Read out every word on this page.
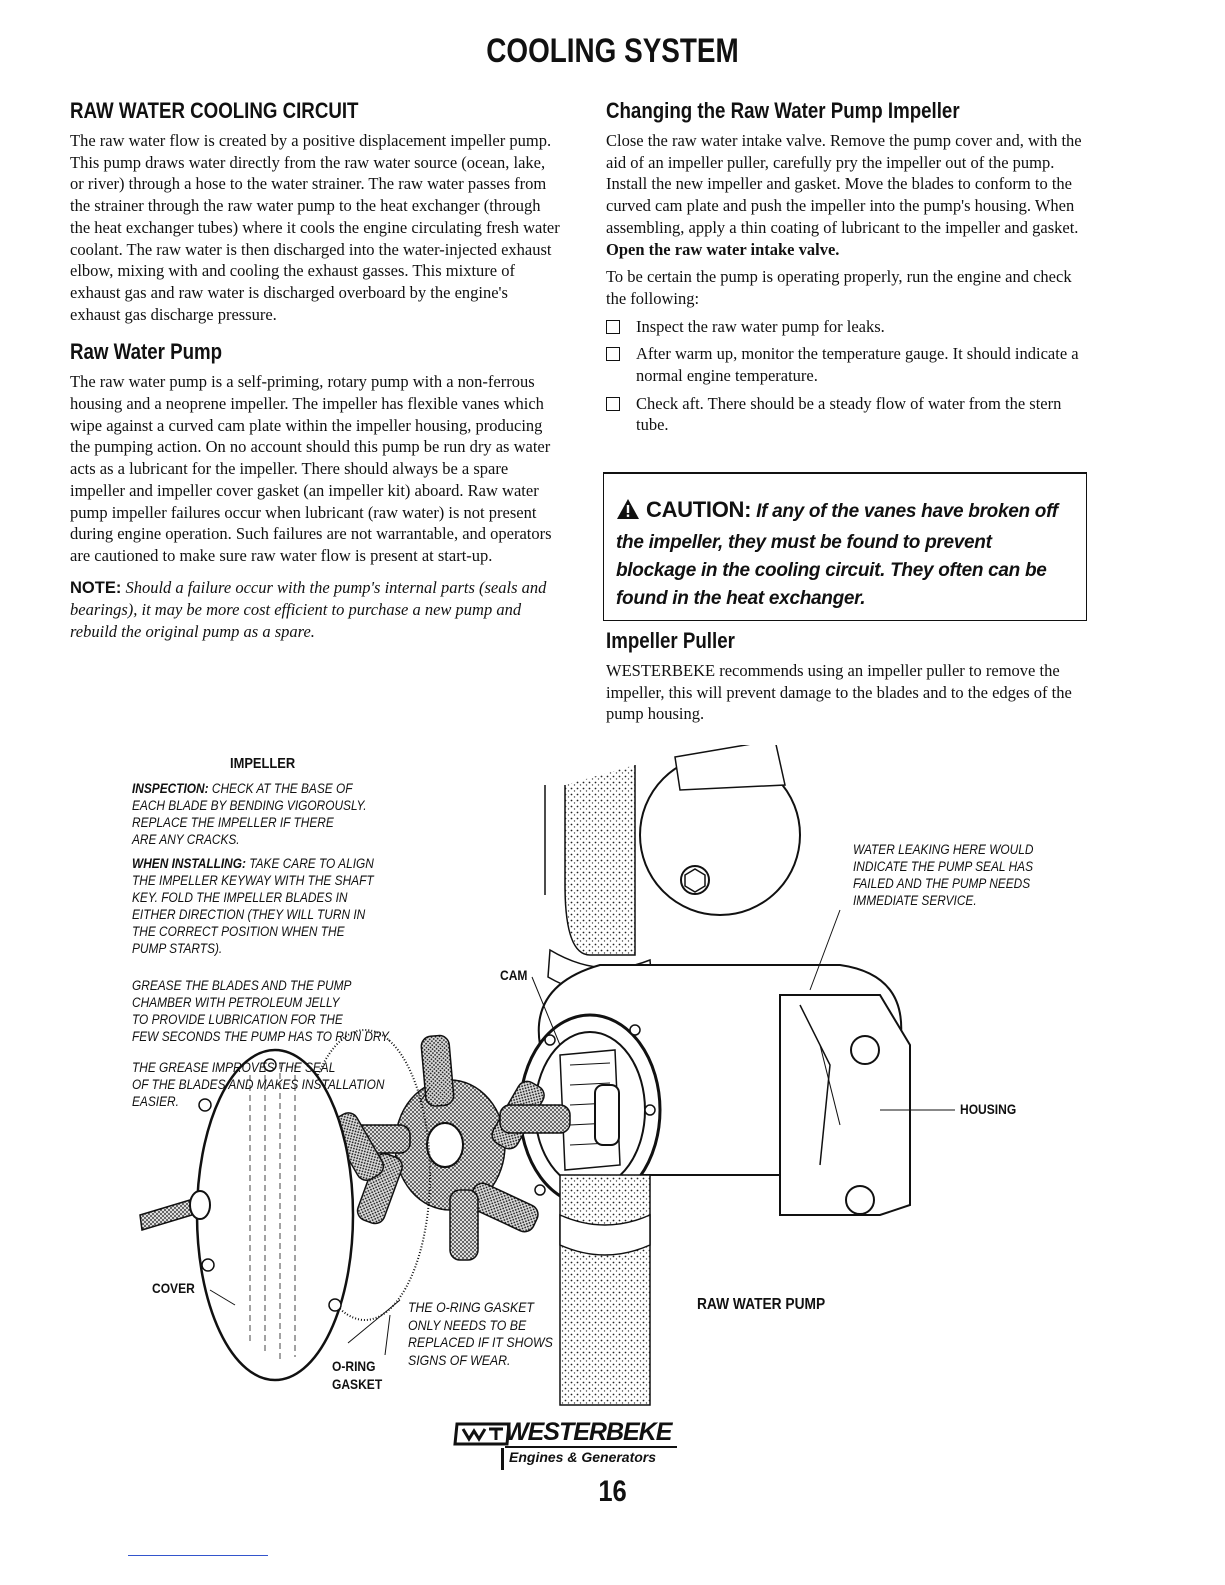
COOLING SYSTEM
RAW WATER COOLING CIRCUIT

The raw water flow is created by a positive displacement impeller pump. This pump draws water directly from the raw water source (ocean, lake, or river) through a hose to the water strainer. The raw water passes from the strainer through the raw water pump to the heat exchanger (through the heat exchanger tubes) where it cools the engine circulating fresh water coolant. The raw water is then discharged into the water-injected exhaust elbow, mixing with and cooling the exhaust gasses. This mixture of exhaust gas and raw water is discharged overboard by the engine's exhaust gas discharge pressure.

Raw Water Pump

The raw water pump is a self-priming, rotary pump with a non-ferrous housing and a neoprene impeller. The impeller has flexible vanes which wipe against a curved cam plate within the impeller housing, producing the pumping action. On no account should this pump be run dry as water acts as a lubricant for the impeller. There should always be a spare impeller and impeller cover gasket (an impeller kit) aboard. Raw water pump impeller failures occur when lubricant (raw water) is not present during engine operation. Such failures are not warrantable, and operators are cautioned to make sure raw water flow is present at start-up.

NOTE: Should a failure occur with the pump's internal parts (seals and bearings), it may be more cost efficient to purchase a new pump and rebuild the original pump as a spare.

Changing the Raw Water Pump Impeller

Close the raw water intake valve. Remove the pump cover and, with the aid of an impeller puller, carefully pry the impeller out of the pump. Install the new impeller and gasket. Move the blades to conform to the curved cam plate and push the impeller into the pump's housing. When assembling, apply a thin coating of lubricant to the impeller and gasket. Open the raw water intake valve.

To be certain the pump is operating properly, run the engine and check the following:

Inspect the raw water pump for leaks.
After warm up, monitor the temperature gauge. It should indicate a normal engine temperature.
Check aft. There should be a steady flow of water from the stern tube.
CAUTION: If any of the vanes have broken off the impeller, they must be found to prevent blockage in the cooling circuit. They often can be found in the heat exchanger.
Impeller Puller

WESTERBEKE recommends using an impeller puller to remove the impeller, this will prevent damage to the blades and to the edges of the pump housing.

IMPELLER
INSPECTION: CHECK AT THE BASE OF
EACH BLADE BY BENDING VIGOROUSLY.
REPLACE THE IMPELLER IF THERE
ARE ANY CRACKS.
WHEN INSTALLING: TAKE CARE TO ALIGN
THE IMPELLER KEYWAY WITH THE SHAFT
KEY. FOLD THE IMPELLER BLADES IN
EITHER DIRECTION (THEY WILL TURN IN
THE CORRECT POSITION WHEN THE
PUMP STARTS).
GREASE THE BLADES AND THE PUMP
CHAMBER WITH PETROLEUM JELLY
TO PROVIDE LUBRICATION FOR THE
FEW SECONDS THE PUMP HAS TO RUN DRY.
THE GREASE IMPROVES THE SEAL
OF THE BLADES AND MAKES INSTALLATION
EASIER.
WATER LEAKING HERE WOULD
INDICATE THE PUMP SEAL HAS
FAILED AND THE PUMP NEEDS
IMMEDIATE SERVICE.
CAM
HOUSING
COVER
O-RING
GASKET
THE O-RING GASKET
ONLY NEEDS TO BE
REPLACED IF IT SHOWS
SIGNS OF WEAR.
RAW WATER PUMP
WESTERBEKE
Engines & Generators
16
